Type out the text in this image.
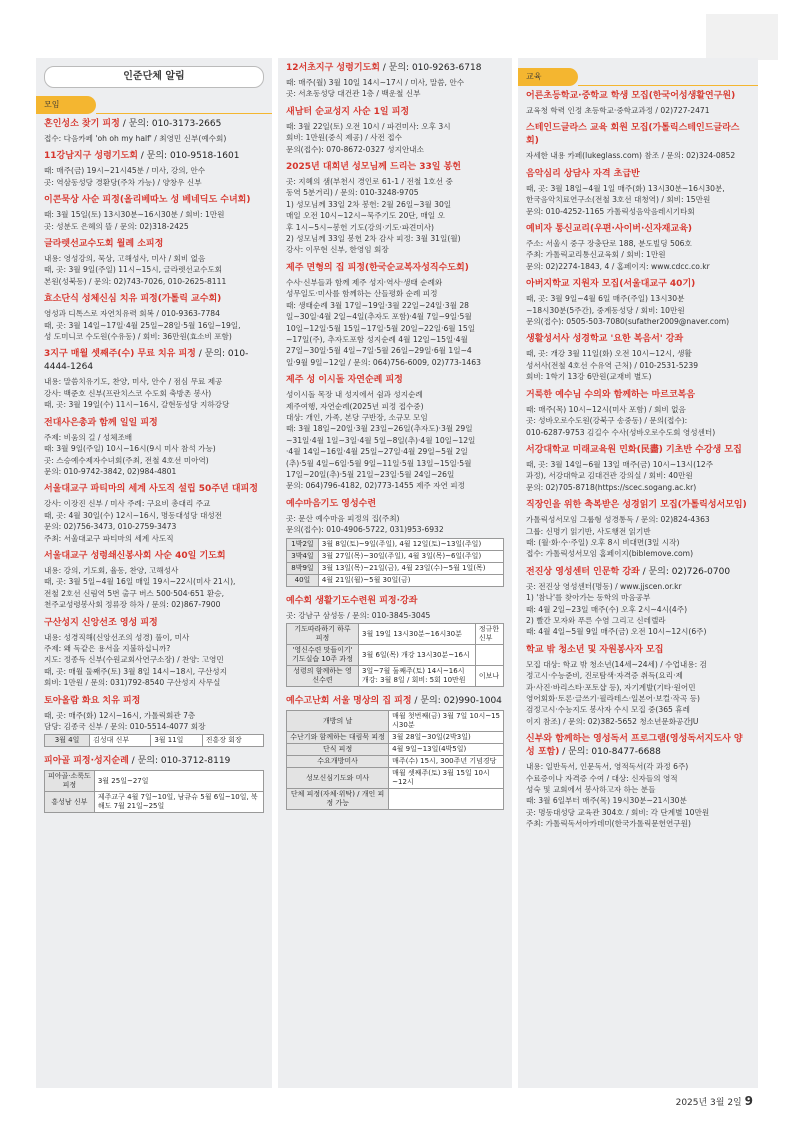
인준단체 알림
모임
혼인성소 찾기 피정 / 문의: 010-3173-2665
접수: 다음카페 'oh oh my half' / 최영민 신부(예수회)
11강남지구 성령기도회 / 문의: 010-9518-1601
때: 매주(금) 19시~21시45분 / 미사, 강의, 안수
곳: 역삼동성당 경환당(주차 가능) / 양창우 신부
이콘묵상 사순 피정(올리베따노 성 베네딕도 수녀회)
때: 3월 15일(토) 13시30분~16시30분 / 회비: 1만원
곳: 성분도 은혜의 뜰 / 문의: 02)318-2425
글라렛선교수도회 월례 소피정
내용: 영성강의, 묵상, 고해성사, 미사 / 회비 없음
때, 곳: 3월 9일(주일) 11시~15시, 글라렛선교수도회
본원(성북동) / 문의: 02)743-7026, 010-2625-8111
효소단식 성체신심 치유 피정(가톨릭 교수회)
영성과 디톡스로 자연치유력 회복 / 010-9363-7784
때, 곳: 3월 14일~17일·4월 25일~28일·5월 16일~19일,
성 도미니코 수도원(수유동) / 회비: 36만원(효소비 포함)
3지구 매월 셋째주(수) 무료 치유 피정 / 문의: 010-4444-1264
내용: 말씀치유기도, 찬양, 미사, 안수 / 점심 무료 제공
강사: 백준호 신부(프란치스코 수도회 축방촌 봉사)
때, 곳: 3월 19일(수) 11시~16시, 갈현동성당 지하강당
전대사은총과 함께 일일 피정
주제: 비움의 길 / 성체조배
때: 3월 9일(주일) 10시~16시(9시 미사 참석 가능)
곳: 스승예수제자수녀회(주최, 전철 4호선 미아역)
문의: 010-9742-3842, 02)984-4801
서울대교구 파티마의 세계 사도직 설립 50주년 대피정
강사: 이장진 신부 / 미사 주례: 구요비 총대리 주교
때, 곳: 4월 30일(수) 12시~16시, 명동대성당 대성전
문의: 02)756-3473, 010-2759-3473
주최: 서울대교구 파티마의 세계 사도직
서울대교구 성령쇄신봉사회 사순 40일 기도회
내용: 강의, 기도회, 율동, 찬양, 고해성사
때, 곳: 3월 5일~4월 16일 매일 19시~22시(미사 21시),
전철 2호선 신림역 5번 출구 버스 500·504·651 환승,
천주교성령봉사회 정류장 하차 / 문의: 02)867-7900
구산성지 신앙선조 영성 피정
내용: 성경직해(신앙선조의 성경) 풀이, 미사
주제: 왜 독같은 용서을 지불하십니까?
지도: 정종득 신부(수원교회사연구소장) / 찬양: 고영민
때, 곳: 매월 둘째주(토) 3월 8일 14시~18시, 구산성지
회비: 1만원 / 문의: 031)792-8540 구산성지 사무실
토아올람 화요 치유 피정
때, 곳: 매주(화) 12시~16시, 가톨릭회관 7층
담당: 김종국 신부 / 문의: 010-5514-4077 회장
3월 4일	김성대 신부	3월 11일	진흥장 회장
피아골 피정·성지순례 / 문의: 010-3712-8119
피아골·소룩도 피정	3월 25일~27일
흥성남 신부	제주교구 4월 7일~10일, 남큐슈 5월 6일~10일, 북해도 7월 21일~25일
12서초지구 성령기도회 / 문의: 010-9263-6718
때: 매주(월) 3월 10일 14시~17시 / 미사, 말씀, 안수
곳: 서초동성당 대건관 1층 / 백운철 신부
새남터 순교성지 사순 1일 피정
때: 3월 22일(토) 오전 10시 / 파견미사: 오후 3시
회비: 1만원(중식 제공) / 사전 접수
문의(접수): 070-8672-0327 성지안내소
2025년 대희년 성모님께 드리는 33일 봉헌
곳: 지혜의 샘(부천시 경인로 61-1 / 전철 1호선 중
동역 5분거리) / 문의: 010-3248-9705
1) 성모님께 33일 2차 봉헌: 2월 26일~3월 30일
매일 오전 10시~12시~묵주기도 20단, 매일 오
후 1시~5시~봉헌 기도(강의·기도·파견미사)
2) 성모님께 33일 봉헌 2차 감사 피정: 3월 31일(월)
강사: 이무현 신부, 한영임 회장
제주 면형의 집 피정(한국순교복자성직수도회)
수사·신부들과 함께 제주 성지·역사·생태 순례와
성무일도·미사를 함께하는 산들평화 순례 피정
때: 생태순례 3월 17일~19일·3월 22일~24일·3월 28
일~30일·4월 2일~4일(추자도 포함)·4월 7일~9일·5월
10일~12일·5월 15일~17일·5월 20일~22일·6월 15일
~17일(주), 추자도포함 성지순례 4월 12일~15일·4월
27일~30일·5월 4일~7일·5월 26일~29일·6월 1일~4
일·9월 9일~12일 / 문의: 064)756-6009, 02)773-1463
제주 성 이시돌 자연순례 피정
성이시돌 목장 내 성지에서 쉼과 성지순례
제주여행, 자연순례(2025년 피정 접수중)
대상: 개인, 가족, 본당 구반장, 소규모 모임
때: 3월 18일~20일·3월 23일~26일(추자도)·3월 29일
~31일·4월 1일~3일·4월 5일~8일(추)·4월 10일~12일
·4월 14일~16일·4월 25일~27일·4월 29일~5월 2일
(추)·5월 4일~6일·5월 9일~11일·5월 13일~15일·5월
17일~20일(추)·5월 21일~23일·5월 24일~26일
문의: 064)796-4182, 02)773-1455 제주 자연 피정
예수마음기도 영성수련
곳: 문산 예수마음 피정의 집(주최)
문의(접수): 010-4906-5722, 031)953-6932
1박2일	3월 8일(토)~9일(주일), 4월 12일(토)~13일(주일)
3박4일	3월 27일(목)~30일(주일), 4월 3일(목)~6일(주일)
8박9일	3월 13일(목)~21일(금), 4월 23일(수)~5월 1일(목)
40일	4월 21일(월)~5월 30일(금)
예수회 생활기도수련원 피정·강좌
곳: 강남구 삼성동 / 문의: 010-3845-3045
기도따라하기 하루 피정	3월 19일 13시30분~16시30분	정규한 신부
'영신수련 맛들이기' 기도실습 10주 과정	3월 6일(목) 개강 13시30분~16시	
성령의 함께하는 영신수련	3일~7월 둘째주(토) 14시~16시 개강: 3월 8일 / 회비: 5회 10만원	이보나
예수고난회 서울 명상의 집 피정 / 문의: 02)990-1004
개방의 날	매월 첫번째(금) 3월 7일 10시~15시30분
수난기와 함께하는 대림묵 피정	3월 28일~30일(2박3일)
단식 피정	4월 9일~13일(4박5일)
수요개방미사	매주(수) 15시, 300주년 기념경당
성모신심기도와 미사	매월 셋째주(토) 3월 15일 10시~12시
단체 피정(자체·위탁) / 개인 피정 가능	
교육
어른초등학교·중학교 학생 모집(한국어성생활연구원)
교육청 학력 인정 초등학교·중학교과정 / 02)727-2471
스테인드글라스 교육 회원 모집(가톨릭스테인드글라스회)
자세한 내용 카페(lukeglass.com) 참조 / 문의: 02)324-0852
음악심리 상담사 자격 초급반
때, 곳: 3월 18일~4월 1일 매주(화) 13시30분~16시30분,
한국음악치료연구소(전철 3호선 대청역) / 회비: 15만원
문의: 010-4252-1165 가톨릭성음악음레시기타회
예비자 통신교리(우편·사이버·신자재교육)
주소: 서울시 중구 장충단로 188, 분도빌딩 506호
주최: 가톨릭교리통신교육회 / 회비: 1만원
문의: 02)2274-1843, 4 / 홈페이지: www.cdcc.co.kr
아버지학교 지원자 모집(서울대교구 40기)
때, 곳: 3월 9일~4월 6일 매주(주일) 13시30분
~18시30분(5주간), 중계동성당 / 회비: 10만원
문의(접수): 0505-503-7080(sufather2009@naver.com)
생활성서사 성경학교 '요한 복음서' 강좌
때, 곳: 개강 3월 11일(화) 오전 10시~12시, 생활
성서사(전철 4호선 수유역 근처) / 010-2531-5239
회비: 1학기 13강 6만원(교재비 별도)
거룩한 예수님 수의와 함께하는 마르코복음
때: 매주(목) 10시~12시(미사 포함) / 회비 없음
곳: 성바오로수도원(강북구 송중동) / 문의(접수):
010-6287-9753 김길수 수사(성바오로수도회 영성센터)
서강대학교 미래교육원 민화(民畵) 기초반 수강생 모집
때, 곳: 3월 14일~6월 13일 매주(금) 10시~13시(12주
과정), 서강대학교 김대건관 강의실 / 회비: 40만원
문의: 02)705-8718(https://scec.sogang.ac.kr)
직장인을 위한 축복받은 성경읽기 모집(가톨릭성서모임)
가톨릭성서모임 그룹형 성경통독 / 문의: 02)824-4363
그룹: 신명기 읽기반, 사도행전 읽기반
때: (월·화·수·주일) 오후 8시 비대면(3일 시작)
접수: 가톨릭성서모임 홈페이지(biblemove.com)
전진상 영성센터 인문학 강좌 / 문의: 02)726-0700
곳: 전진상 영성센터(명동) / www.jjscen.or.kr
1) '참나'를 찾아가는 동학의 마음공부
때: 4월 2일~23일 매주(수) 오후 2시~4시(4주)
2) 빨간 모자와 푸른 수염 그리고 신데렐라
때: 4월 4일~5월 9일 매주(금) 오전 10시~12시(6주)
학교 밖 청소년 및 자원봉사자 모집
모집 대상: 학교 밖 청소년(14세~24세) / 수업내용: 검
정고시·수능준비, 진로탐색·자격증 취득(요리·제
과·사진·바리스타·포토샵 등), 자기계발(기타·원어민
영어회화·토론·글쓰기·필라테스·일본어·보컬·작곡 등)
검정고시·수능지도 봉사자 수시 모집 중(365 휴레
이지 참조) / 문의: 02)382-5652 청소년문화공간JU
신부와 함께하는 영성독서 프로그램(영성독서지도사 양성 포함) / 문의: 010-8477-6688
내용: 일반독서, 인문독서, 영적독서(각 과정 6주)
수료증이나 자격증 수여 / 대상: 신자들의 영적
성숙 및 교회에서 봉사하고자 하는 분들
때: 3월 6일부터 매주(목) 19시30분~21시30분
곳: 명동대성당 교육관 304호 / 회비: 각 단계별 10만원
주최: 가톨릭독서아카데미(한국가톨릭문헌연구원)
2025년 3월 2일 9
